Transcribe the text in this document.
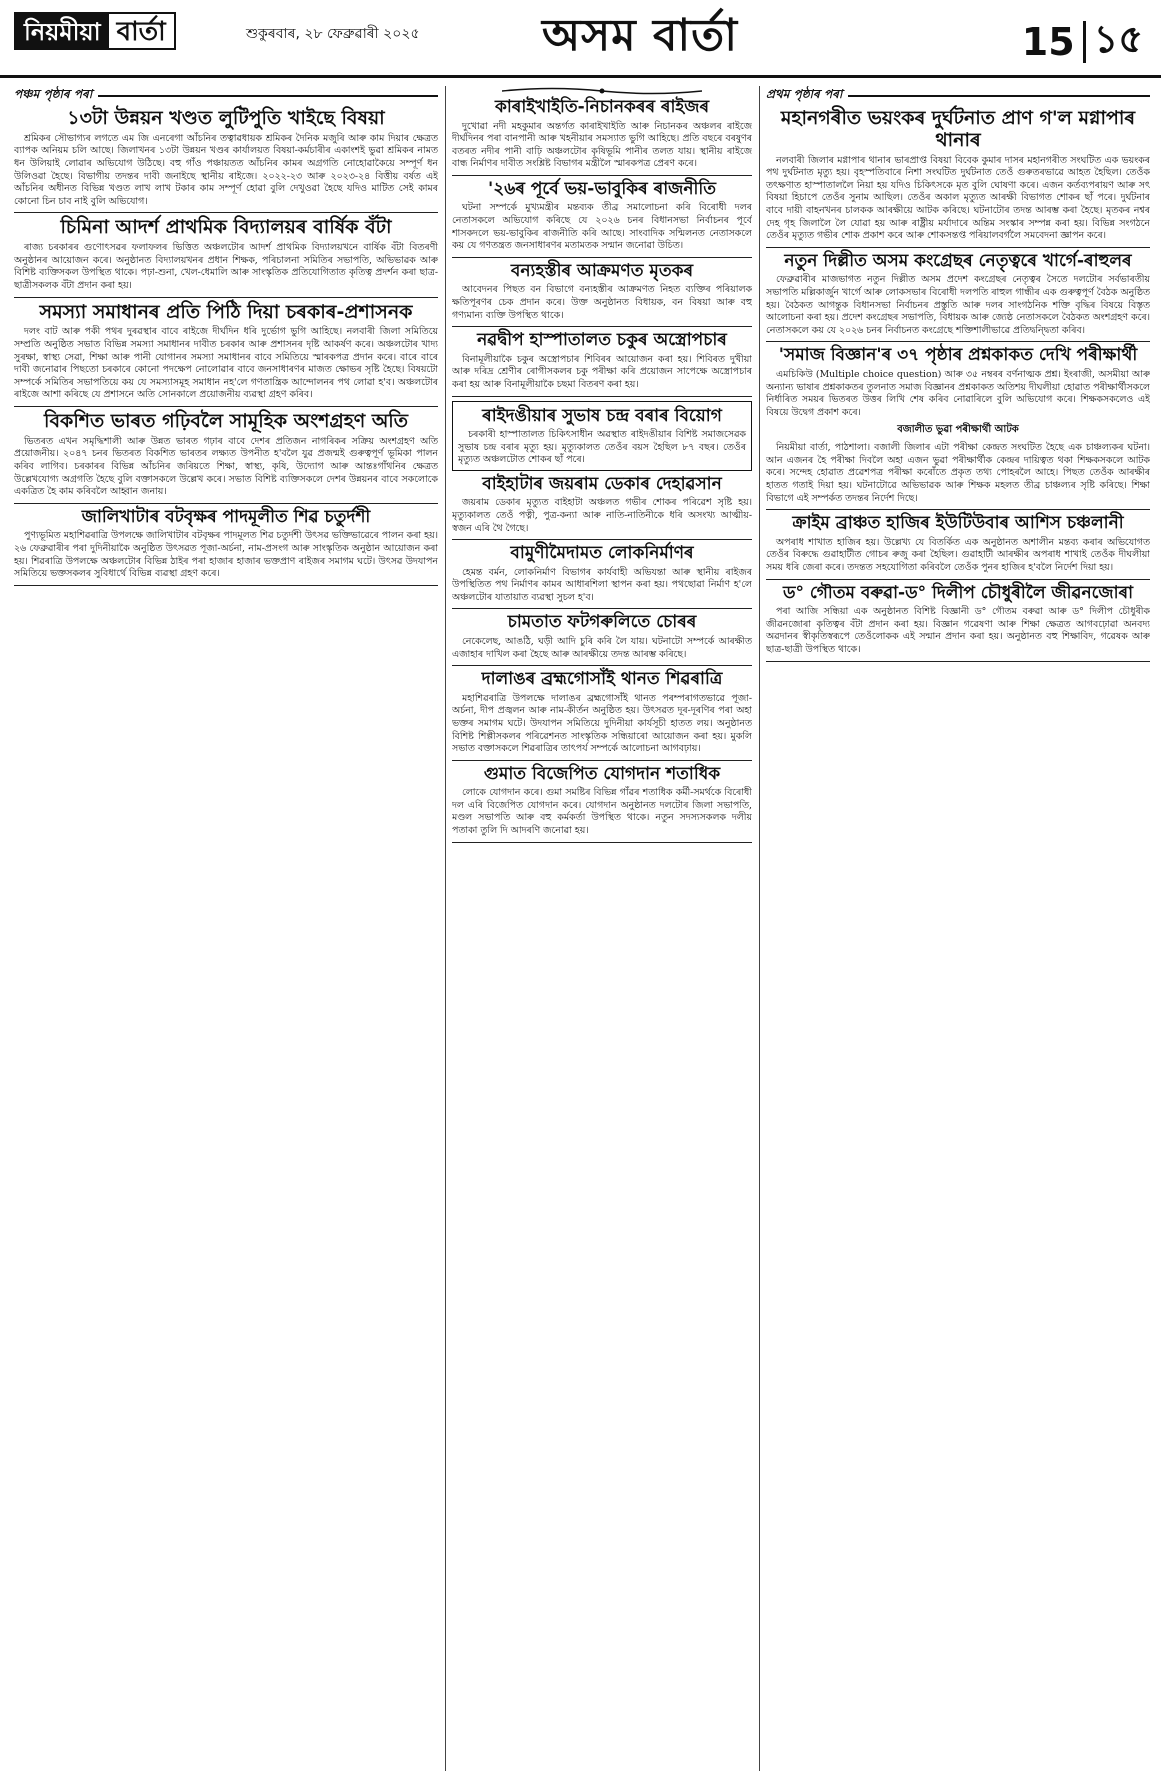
নিয়মীয়া বাৰ্তা	শুকুৰবাৰ, ২৮ ফেব্ৰুৱাৰী ২০২৫	অসম বাৰ্তা	15 ১৫
পঞ্চম পৃষ্ঠাৰ পৰা
১৩টা উন্নয়ন খণ্ডত লুটিপুতি খাইছে বিষয়া

শ্ৰমিকৰ সৌভাগ্যৰ লগতে এম জি এনৰেগা আঁচনিৰ তত্বাৱধায়ক শ্ৰমিকৰ দৈনিক মজুৰি আৰু কাম দিয়াৰ ক্ষেত্ৰত ব্যাপক অনিয়ম চলি আছে। জিলাখনৰ ১৩টা উন্নয়ন খণ্ডৰ কাৰ্যালয়ত বিষয়া-কৰ্মচাৰীৰ একাংশই ভুৱা শ্ৰমিকৰ নামত ধন উলিয়াই লোৱাৰ অভিযোগ উঠিছে। বহু গাঁও পঞ্চায়তত আঁচনিৰ কামৰ অগ্ৰগতি নোহোৱাকৈয়ে সম্পূৰ্ণ ধন উলিওৱা হৈছে। বিভাগীয় তদন্তৰ দাবী জনাইছে স্থানীয় ৰাইজে। ২০২২-২৩ আৰু ২০২৩-২৪ বিত্তীয় বৰ্ষত এই আঁচনিৰ অধীনত বিভিন্ন খণ্ডত লাখ লাখ টকাৰ কাম সম্পূৰ্ণ হোৱা বুলি দেখুওৱা হৈছে যদিও মাটিত সেই কামৰ কোনো চিন চাব নাই বুলি অভিযোগ।

চিমিনা আদৰ্শ প্ৰাথমিক বিদ্যালয়ৰ বাৰ্ষিক বঁটা

ৰাজ্য চৰকাৰৰ গুণোৎসৱৰ ফলাফলৰ ভিত্তিত অঞ্চলটোৰ আদৰ্শ প্ৰাথমিক বিদ্যালয়খনে বাৰ্ষিক বঁটা বিতৰণী অনুষ্ঠানৰ আয়োজন কৰে। অনুষ্ঠানত বিদ্যালয়খনৰ প্ৰধান শিক্ষক, পৰিচালনা সমিতিৰ সভাপতি, অভিভাৱক আৰু বিশিষ্ট ব্যক্তিসকল উপস্থিত থাকে। পঢ়া-শুনা, খেল-ধেমালি আৰু সাংস্কৃতিক প্ৰতিযোগিতাত কৃতিত্ব প্ৰদৰ্শন কৰা ছাত্ৰ-ছাত্ৰীসকলক বঁটা প্ৰদান কৰা হয়।

সমস্যা সমাধানৰ প্ৰতি পিঠি দিয়া চৰকাৰ-প্ৰশাসনক

দলং বাট আৰু পকী পথৰ দুৰৱস্থাৰ বাবে ৰাইজে দীৰ্ঘদিন ধৰি দুৰ্ভোগ ভুগি আহিছে। নলবাৰী জিলা সমিতিয়ে সম্প্ৰতি অনুষ্ঠিত সভাত বিভিন্ন সমস্যা সমাধানৰ দাবীত চৰকাৰ আৰু প্ৰশাসনৰ দৃষ্টি আকৰ্ষণ কৰে। অঞ্চলটোৰ খাদ্য সুৰক্ষা, স্বাস্থ্য সেৱা, শিক্ষা আৰু পানী যোগানৰ সমস্যা সমাধানৰ বাবে সমিতিয়ে স্মাৰকপত্ৰ প্ৰদান কৰে। বাৰে বাৰে দাবী জনোৱাৰ পিছতো চৰকাৰে কোনো পদক্ষেপ নোলোৱাৰ বাবে জনসাধাৰণৰ মাজত ক্ষোভৰ সৃষ্টি হৈছে। বিষয়টো সম্পৰ্কে সমিতিৰ সভাপতিয়ে কয় যে সমস্যাসমূহ সমাধান নহ'লে গণতান্ত্ৰিক আন্দোলনৰ পথ লোৱা হ'ব। অঞ্চলটোৰ ৰাইজে আশা কৰিছে যে প্ৰশাসনে অতি সোনকালে প্ৰয়োজনীয় ব্যৱস্থা গ্ৰহণ কৰিব।

বিকশিত ভাৰত গঢ়িবলৈ সামূহিক অংশগ্ৰহণ অতি

ভিতৰত এখন সমৃদ্ধিশালী আৰু উন্নত ভাৰত গঢ়াৰ বাবে দেশৰ প্ৰতিজন নাগৰিকৰ সক্ৰিয় অংশগ্ৰহণ অতি প্ৰয়োজনীয়। ২০৪৭ চনৰ ভিতৰত বিকশিত ভাৰতৰ লক্ষ্যত উপনীত হ'বলৈ যুৱ প্ৰজন্মই গুৰুত্বপূৰ্ণ ভূমিকা পালন কৰিব লাগিব। চৰকাৰৰ বিভিন্ন আঁচনিৰ জৰিয়তে শিক্ষা, স্বাস্থ্য, কৃষি, উদ্যোগ আৰু আন্তঃগাঁথনিৰ ক্ষেত্ৰত উল্লেখযোগ্য অগ্ৰগতি হৈছে বুলি বক্তাসকলে উল্লেখ কৰে। সভাত বিশিষ্ট ব্যক্তিসকলে দেশৰ উন্নয়নৰ বাবে সকলোকে একত্ৰিত হৈ কাম কৰিবলৈ আহ্বান জনায়।

জালিখাটাৰ বটবৃক্ষৰ পাদমূলীত শিৱ চতুৰ্দশী

পুণ্যভূমিত মহাশিৱৰাত্ৰি উপলক্ষে জালিখাটাৰ বটবৃক্ষৰ পাদমূলত শিৱ চতুৰ্দশী উৎসৱ ভক্তিভাৱেৰে পালন কৰা হয়। ২৬ ফেব্ৰুৱাৰীৰ পৰা দুদিনীয়াকৈ অনুষ্ঠিত উৎসৱত পূজা-অৰ্চনা, নাম-প্ৰসংগ আৰু সাংস্কৃতিক অনুষ্ঠান আয়োজন কৰা হয়। শিৱৰাত্ৰি উপলক্ষে অঞ্চলটোৰ বিভিন্ন ঠাইৰ পৰা হাজাৰ হাজাৰ ভক্তপ্ৰাণ ৰাইজৰ সমাগম ঘটে। উৎসৱ উদযাপন সমিতিয়ে ভক্তসকলৰ সুবিধাৰ্থে বিভিন্ন ব্যৱস্থা গ্ৰহণ কৰে।

কাৰাইখাইতি-নিচানকৰৰ ৰাইজৰ

দুখোৱা নদী মহকুমাৰ অন্তৰ্গত কাৰাইখাইতি আৰু নিচানকৰ অঞ্চলৰ ৰাইজে দীৰ্ঘদিনৰ পৰা বানপানী আৰু খহনীয়াৰ সমস্যাত ভুগি আহিছে। প্ৰতি বছৰে বৰষুণৰ বতৰত নদীৰ পানী বাঢ়ি অঞ্চলটোৰ কৃষিভূমি পানীৰ তলত যায়। স্থানীয় ৰাইজে বান্ধ নিৰ্মাণৰ দাবীত সংশ্লিষ্ট বিভাগৰ মন্ত্ৰীলৈ স্মাৰকপত্ৰ প্ৰেৰণ কৰে।

'২৬ৰ পূৰ্বে ভয়-ভাবুকিৰ ৰাজনীতি

ঘটনা সম্পৰ্কে মুখ্যমন্ত্ৰীৰ মন্তব্যক তীব্ৰ সমালোচনা কৰি বিৰোধী দলৰ নেতাসকলে অভিযোগ কৰিছে যে ২০২৬ চনৰ বিধানসভা নিৰ্বাচনৰ পূৰ্বে শাসকদলে ভয়-ভাবুকিৰ ৰাজনীতি কৰি আছে। সাংবাদিক সন্মিলনত নেতাসকলে কয় যে গণতন্ত্ৰত জনসাধাৰণৰ মতামতক সন্মান জনোৱা উচিত।

বন্যহস্তীৰ আক্ৰমণত মৃতকৰ

আবেদনৰ পিছত বন বিভাগে বন্যহস্তীৰ আক্ৰমণত নিহত ব্যক্তিৰ পৰিয়ালক ক্ষতিপূৰণৰ চেক প্ৰদান কৰে। উক্ত অনুষ্ঠানত বিধায়ক, বন বিষয়া আৰু বহু গণ্যমান্য ব্যক্তি উপস্থিত থাকে।

নৱদ্বীপ হাস্পাতালত চকুৰ অস্ত্ৰোপচাৰ

বিনামূলীয়াকৈ চকুৰ অস্ত্ৰোপচাৰ শিবিৰৰ আয়োজন কৰা হয়। শিবিৰত দুখীয়া আৰু দৰিদ্ৰ শ্ৰেণীৰ ৰোগীসকলৰ চকু পৰীক্ষা কৰি প্ৰয়োজন সাপেক্ষে অস্ত্ৰোপচাৰ কৰা হয় আৰু বিনামূলীয়াকৈ চছমা বিতৰণ কৰা হয়।

ৰাইদঙীয়াৰ সুভাষ চন্দ্ৰ বৰাৰ বিয়োগ

চৰকাৰী হাস্পাতালত চিকিৎসাধীন অৱস্থাত ৰাইদঙীয়াৰ বিশিষ্ট সমাজসেৱক সুভাষ চন্দ্ৰ বৰাৰ মৃত্যু হয়। মৃত্যুকালত তেওঁৰ বয়স হৈছিল ৮৭ বছৰ। তেওঁৰ মৃত্যুত অঞ্চলটোত শোকৰ ছাঁ পৰে।

বাইহাটাৰ জয়ৰাম ডেকাৰ দেহাৱসান

জয়ৰাম ডেকাৰ মৃত্যুত বাইহাটা অঞ্চলত গভীৰ শোকৰ পৰিৱেশ সৃষ্টি হয়। মৃত্যুকালত তেওঁ পত্নী, পুত্ৰ-কন্যা আৰু নাতি-নাতিনীকে ধৰি অসংখ্য আত্মীয়-স্বজন এৰি থৈ গৈছে।

বামুণীমৈদামত লোকনিৰ্মাণৰ

হেমন্ত বৰ্মন, লোকনিৰ্মাণ বিভাগৰ কাৰ্যবাহী অভিযন্তা আৰু স্থানীয় ৰাইজৰ উপস্থিতিত পথ নিৰ্মাণৰ কামৰ আধাৰশিলা স্থাপন কৰা হয়। পথছোৱা নিৰ্মাণ হ'লে অঞ্চলটোৰ যাতায়াত ব্যৱস্থা সুচল হ'ব।

চামতাত ফটগৰুলিতে চোৰৰ

নেকেলেছ, আঙঠি, ঘড়ী আদি চুৰি কৰি লৈ যায়। ঘটনাটো সম্পৰ্কে আৰক্ষীত এজাহাৰ দাখিল কৰা হৈছে আৰু আৰক্ষীয়ে তদন্ত আৰম্ভ কৰিছে।

দালাঙৰ ব্ৰহ্মগোসাঁই থানত শিৱৰাত্ৰি

মহাশিৱৰাত্ৰি উপলক্ষে দালাঙৰ ব্ৰহ্মগোসাঁই থানত পৰম্পৰাগতভাৱে পূজা-অৰ্চনা, দীপ প্ৰজ্বলন আৰু নাম-কীৰ্তন অনুষ্ঠিত হয়। উৎসৱত দূৰ-দূৰণিৰ পৰা অহা ভক্তৰ সমাগম ঘটে। উদযাপন সমিতিয়ে দুদিনীয়া কাৰ্যসূচী হাতত লয়। অনুষ্ঠানত বিশিষ্ট শিল্পীসকলৰ পৰিৱেশনত সাংস্কৃতিক সন্ধিয়াৰো আয়োজন কৰা হয়। মুকলি সভাত বক্তাসকলে শিৱৰাত্ৰিৰ তাৎপৰ্য সম্পৰ্কে আলোচনা আগবঢ়ায়।

গুমাত বিজেপিত যোগদান শতাধিক

লোকে যোগদান কৰে। গুমা সমষ্টিৰ বিভিন্ন গাঁৱৰ শতাধিক কৰ্মী-সমৰ্থকে বিৰোধী দল এৰি বিজেপিত যোগদান কৰে। যোগদান অনুষ্ঠানত দলটোৰ জিলা সভাপতি, মণ্ডল সভাপতি আৰু বহু কৰ্মকৰ্তা উপস্থিত থাকে। নতুন সদস্যসকলক দলীয় পতাকা তুলি দি আদৰণি জনোৱা হয়।

প্ৰথম পৃষ্ঠাৰ পৰা
মহানগৰীত ভয়ংকৰ দুৰ্ঘটনাত প্ৰাণ গ'ল মগ্নাপাৰ থানাৰ

নলবাৰী জিলাৰ মগ্নাপাৰ থানাৰ ভাৰপ্ৰাপ্ত বিষয়া বিবেক কুমাৰ দাসৰ মহানগৰীত সংঘটিত এক ভয়ংকৰ পথ দুৰ্ঘটনাত মৃত্যু হয়। বৃহস্পতিবাৰে নিশা সংঘটিত দুৰ্ঘটনাত তেওঁ গুৰুতৰভাৱে আহত হৈছিল। তেওঁক তৎক্ষণাত হাস্পাতাললৈ নিয়া হয় যদিও চিকিৎসকে মৃত বুলি ঘোষণা কৰে। এজন কৰ্তব্যপৰায়ণ আৰু সৎ বিষয়া হিচাপে তেওঁৰ সুনাম আছিল। তেওঁৰ অকাল মৃত্যুত আৰক্ষী বিভাগত শোকৰ ছাঁ পৰে। দুৰ্ঘটনাৰ বাবে দায়ী বাহনখনৰ চালকক আৰক্ষীয়ে আটক কৰিছে। ঘটনাটোৰ তদন্ত আৰম্ভ কৰা হৈছে। মৃতকৰ নশ্বৰ দেহ গৃহ জিলালৈ লৈ যোৱা হয় আৰু ৰাষ্ট্ৰীয় মৰ্যাদাৰে অন্তিম সংস্কাৰ সম্পন্ন কৰা হয়। বিভিন্ন সংগঠনে তেওঁৰ মৃত্যুত গভীৰ শোক প্ৰকাশ কৰে আৰু শোকসন্তপ্ত পৰিয়ালবৰ্গলৈ সমবেদনা জ্ঞাপন কৰে।

নতুন দিল্লীত অসম কংগ্ৰেছৰ নেতৃত্বৰে খাৰ্গে-ৰাহুলৰ

ফেব্ৰুৱাৰীৰ মাজভাগত নতুন দিল্লীত অসম প্ৰদেশ কংগ্ৰেছৰ নেতৃত্বৰ সৈতে দলটোৰ সৰ্বভাৰতীয় সভাপতি মল্লিকাৰ্জুন খাৰ্গে আৰু লোকসভাৰ বিৰোধী দলপতি ৰাহুল গান্ধীৰ এক গুৰুত্বপূৰ্ণ বৈঠক অনুষ্ঠিত হয়। বৈঠকত আগন্তুক বিধানসভা নিৰ্বাচনৰ প্ৰস্তুতি আৰু দলৰ সাংগঠনিক শক্তি বৃদ্ধিৰ বিষয়ে বিস্তৃত আলোচনা কৰা হয়। প্ৰদেশ কংগ্ৰেছৰ সভাপতি, বিধায়ক আৰু জ্যেষ্ঠ নেতাসকলে বৈঠকত অংশগ্ৰহণ কৰে। নেতাসকলে কয় যে ২০২৬ চনৰ নিৰ্বাচনত কংগ্ৰেছে শক্তিশালীভাৱে প্ৰতিদ্বন্দ্বিতা কৰিব।

'সমাজ বিজ্ঞান'ৰ ৩৭ পৃষ্ঠাৰ প্ৰশ্নকাকত দেখি পৰীক্ষাৰ্থী

এমচিকিউ (Multiple choice question) আৰু ৩৫ নম্বৰৰ বৰ্ণনাত্মক প্ৰশ্ন। ইংৰাজী, অসমীয়া আৰু অন্যান্য ভাষাৰ প্ৰশ্নকাকতৰ তুলনাত সমাজ বিজ্ঞানৰ প্ৰশ্নকাকত অতিশয় দীঘলীয়া হোৱাত পৰীক্ষাৰ্থীসকলে নিৰ্ধাৰিত সময়ৰ ভিতৰত উত্তৰ লিখি শেষ কৰিব নোৱাৰিলে বুলি অভিযোগ কৰে। শিক্ষকসকলেও এই বিষয়ে উদ্বেগ প্ৰকাশ কৰে।

বজালীত ভুৱা পৰীক্ষাৰ্থী আটক

নিয়মীয়া বাৰ্তা, পাঠশালা। বজালী জিলাৰ এটা পৰীক্ষা কেন্দ্ৰত সংঘটিত হৈছে এক চাঞ্চল্যকৰ ঘটনা। আন এজনৰ হৈ পৰীক্ষা দিবলৈ অহা এজন ভুৱা পৰীক্ষাৰ্থীক কেন্দ্ৰৰ দায়িত্বত থকা শিক্ষকসকলে আটক কৰে। সন্দেহ হোৱাত প্ৰৱেশপত্ৰ পৰীক্ষা কৰোঁতে প্ৰকৃত তথ্য পোহৰলৈ আহে। পিছত তেওঁক আৰক্ষীৰ হাতত গতাই দিয়া হয়। ঘটনাটোৱে অভিভাৱক আৰু শিক্ষক মহলত তীব্ৰ চাঞ্চল্যৰ সৃষ্টি কৰিছে। শিক্ষা বিভাগে এই সম্পৰ্কত তদন্তৰ নিৰ্দেশ দিছে।

ক্ৰাইম ব্ৰাঞ্চত হাজিৰ ইউটিউবাৰ আশিস চঞ্চলানী

অপৰাধ শাখাত হাজিৰ হয়। উল্লেখ্য যে বিতৰ্কিত এক অনুষ্ঠানত অশালীন মন্তব্য কৰাৰ অভিযোগত তেওঁৰ বিৰুদ্ধে গুৱাহাটীত গোচৰ ৰুজু কৰা হৈছিল। গুৱাহাটী আৰক্ষীৰ অপৰাধ শাখাই তেওঁক দীঘলীয়া সময় ধৰি জেৰা কৰে। তদন্তত সহযোগিতা কৰিবলৈ তেওঁক পুনৰ হাজিৰ হ'বলৈ নিৰ্দেশ দিয়া হয়।

ড° গৌতম বৰুৱা-ড° দিলীপ চৌধুৰীলৈ জীৱনজোৰা

পৰা আজি সন্ধিয়া এক অনুষ্ঠানত বিশিষ্ট বিজ্ঞানী ড° গৌতম বৰুৱা আৰু ড° দিলীপ চৌধুৰীক জীৱনজোৰা কৃতিত্বৰ বঁটা প্ৰদান কৰা হয়। বিজ্ঞান গৱেষণা আৰু শিক্ষা ক্ষেত্ৰত আগবঢ়োৱা অনবদ্য অৱদানৰ স্বীকৃতিস্বৰূপে তেওঁলোকক এই সন্মান প্ৰদান কৰা হয়। অনুষ্ঠানত বহু শিক্ষাবিদ, গৱেষক আৰু ছাত্ৰ-ছাত্ৰী উপস্থিত থাকে।
